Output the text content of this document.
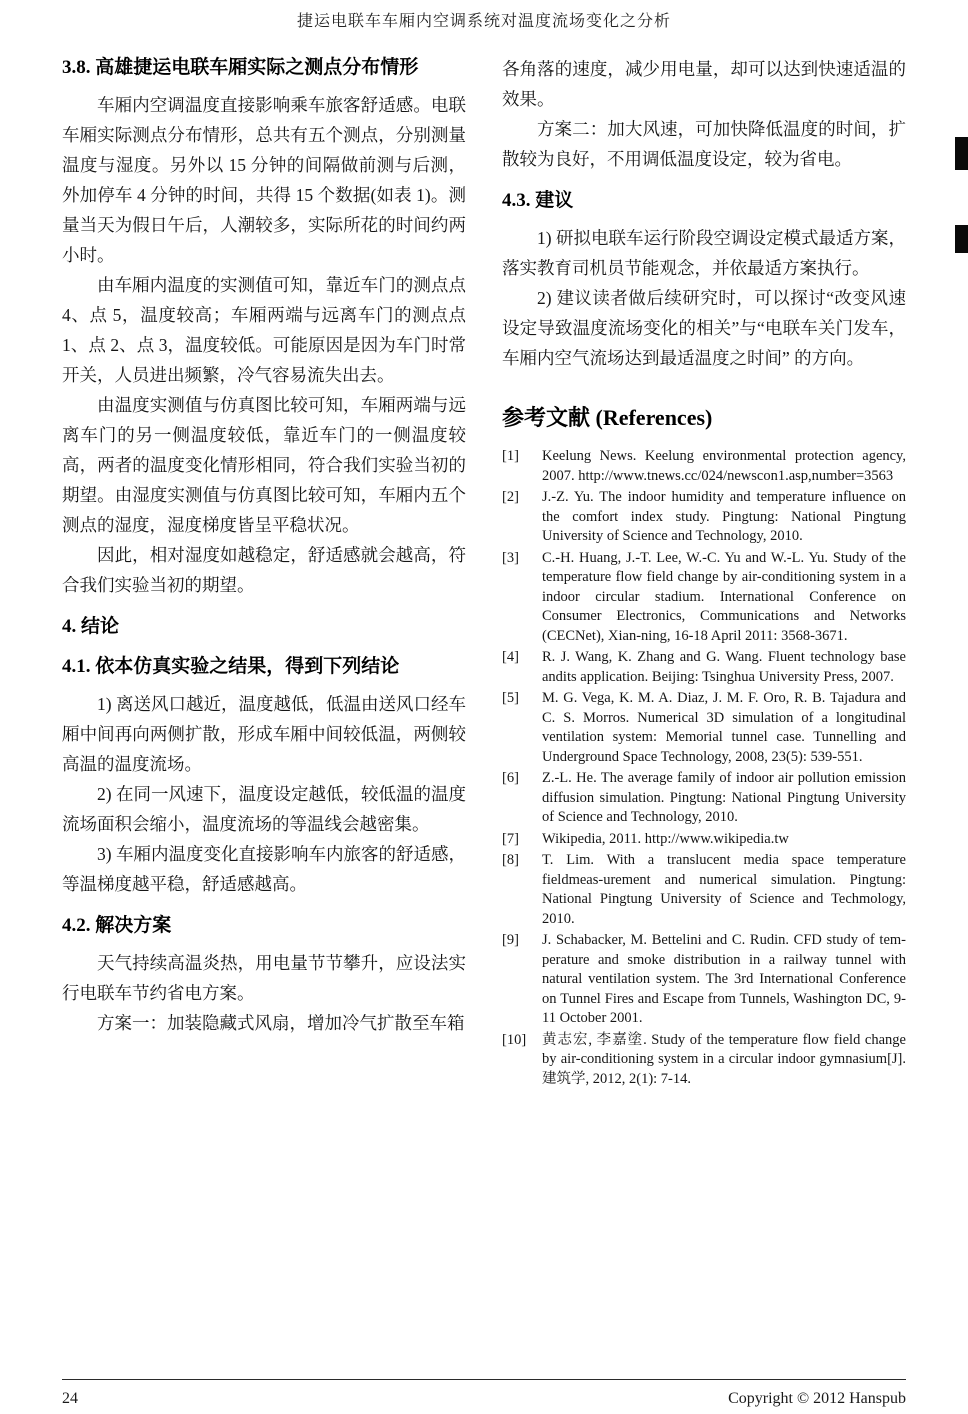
捷运电联车车厢内空调系统对温度流场变化之分析
3.8. 高雄捷运电联车厢实际之测点分布情形

车厢内空调温度直接影响乘车旅客舒适感。电联车厢实际测点分布情形，总共有五个测点，分别测量温度与湿度。另外以 15 分钟的间隔做前测与后测，外加停车 4 分钟的时间，共得 15 个数据(如表 1)。测量当天为假日午后，人潮较多，实际所花的时间约两小时。

由车厢内温度的实测值可知，靠近车门的测点点 4、点 5，温度较高；车厢两端与远离车门的测点点 1、点 2、点 3，温度较低。可能原因是因为车门时常开关，人员进出频繁，冷气容易流失出去。

由温度实测值与仿真图比较可知，车厢两端与远离车门的另一侧温度较低，靠近车门的一侧温度较高，两者的温度变化情形相同，符合我们实验当初的期望。由湿度实测值与仿真图比较可知，车厢内五个测点的湿度，湿度梯度皆呈平稳状况。

因此，相对湿度如越稳定，舒适感就会越高，符合我们实验当初的期望。

4. 结论
4.1. 依本仿真实验之结果，得到下列结论

1) 离送风口越近，温度越低，低温由送风口经车厢中间再向两侧扩散，形成车厢中间较低温，两侧较高温的温度流场。

2) 在同一风速下，温度设定越低，较低温的温度流场面积会缩小，温度流场的等温线会越密集。

3) 车厢内温度变化直接影响车内旅客的舒适感，等温梯度越平稳，舒适感越高。

4.2. 解决方案

天气持续高温炎热，用电量节节攀升，应设法实行电联车节约省电方案。

方案一：加装隐藏式风扇，增加冷气扩散至车箱

各角落的速度，减少用电量，却可以达到快速适温的效果。

方案二：加大风速，可加快降低温度的时间，扩散较为良好，不用调低温度设定，较为省电。

4.3. 建议

1) 研拟电联车运行阶段空调设定模式最适方案，落实教育司机员节能观念，并依最适方案执行。

2) 建议读者做后续研究时，可以探讨“改变风速设定导致温度流场变化的相关”与“电联车关门发车，车厢内空气流场达到最适温度之时间” 的方向。

参考文献 (References)
[1]	Keelung News. Keelung environmental protection agency, 2007. http://www.tnews.cc/024/newscon1.asp,number=3563
[2]	J.-Z. Yu. The indoor humidity and temperature influence on the comfort index study. Pingtung: National Pingtung University of Science and Technology, 2010.
[3]	C.-H. Huang, J.-T. Lee, W.-C. Yu and W.-L. Yu. Study of the temperature flow field change by air-conditioning system in a indoor circular stadium. International Conference on Consumer Electronics, Communications and Networks (CECNet), Xian-ning, 16-18 April 2011: 3568-3671.
[4]	R. J. Wang, K. Zhang and G. Wang. Fluent technology base andits application. Beijing: Tsinghua University Press, 2007.
[5]	M. G. Vega, K. M. A. Diaz, J. M. F. Oro, R. B. Tajadura and C. S. Morros. Numerical 3D simulation of a longitudinal ventilation system: Memorial tunnel case. Tunnelling and Underground Space Technology, 2008, 23(5): 539-551.
[6]	Z.-L. He. The average family of indoor air pollution emission diffusion simulation. Pingtung: National Pingtung University of Science and Technology, 2010.
[7]	Wikipedia, 2011. http://www.wikipedia.tw
[8]	T. Lim. With a translucent media space temperature fieldmeas-urement and numerical simulation. Pingtung: National Pingtung University of Science and Techmology, 2010.
[9]	J. Schabacker, M. Bettelini and C. Rudin. CFD study of tem-perature and smoke distribution in a railway tunnel with natural ventilation system. The 3rd International Conference on Tunnel Fires and Escape from Tunnels, Washington DC, 9-11 October 2001.
[10]	黄志宏, 李嘉塗. Study of the temperature flow field change by air-conditioning system in a circular indoor gymnasium[J]. 建筑学, 2012, 2(1): 7-14.
24	Copyright © 2012 Hanspub
